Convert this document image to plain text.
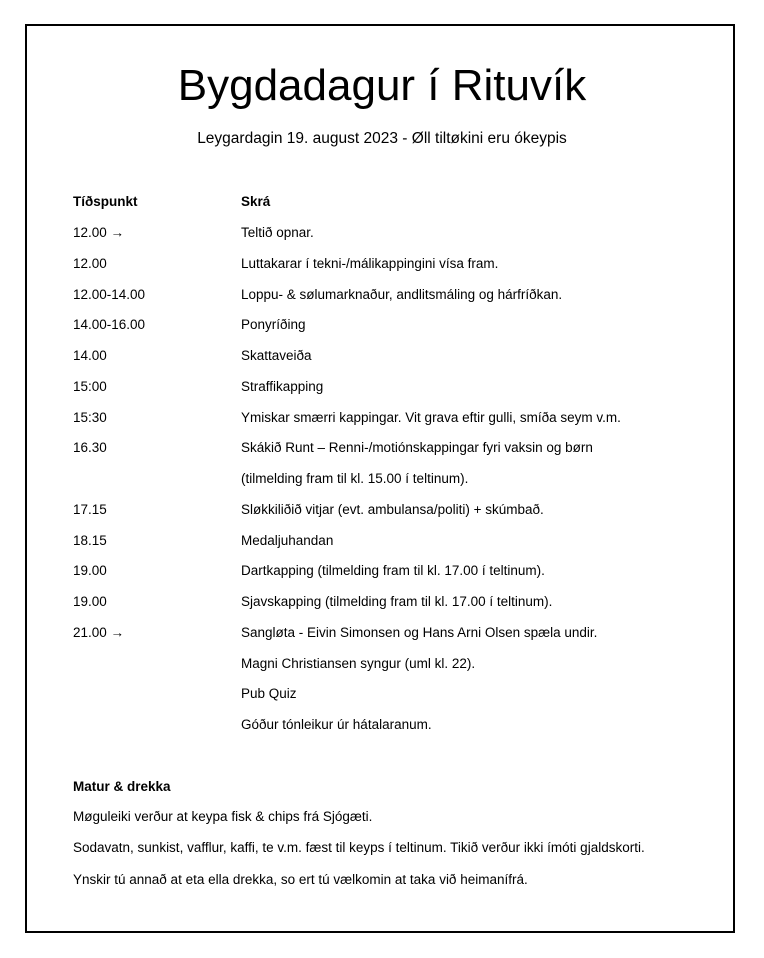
Bygdadagur í Rituvík
Leygardagin 19. august 2023 - Øll tiltøkini eru ókeypis
Tíðspunkt	Skrá
12.00 →	Teltið opnar.
12.00	Luttakarar í tekni-/málikappingini vísa fram.
12.00-14.00	Loppu- & sølumarknaður, andlitsmáling og hárfríðkan.
14.00-16.00	Ponyríðing
14.00	Skattaveiða
15:00	Straffikapping
15:30	Ymiskar smærri kappingar. Vit grava eftir gulli, smíða seym v.m.
16.30	Skákið Runt – Renni-/motiónskappingar fyri vaksin og børn
(tilmelding fram til kl. 15.00 í teltinum).
17.15	Sløkkiliðið vitjar (evt. ambulansa/politi) + skúmbað.
18.15	Medaljuhandan
19.00	Dartkapping (tilmelding fram til kl. 17.00 í teltinum).
19.00	Sjavskapping (tilmelding fram til kl. 17.00 í teltinum).
21.00 →	Sangløta - Eivin Simonsen og Hans Arni Olsen spæla undir.
Magni Christiansen syngur (uml kl. 22).
Pub Quiz
Góður tónleikur úr hátalaranum.
Matur & drekka
Møguleiki verður at keypa fisk & chips frá Sjógæti.
Sodavatn, sunkist, vafflur, kaffi, te v.m. fæst til keyps í teltinum. Tikið verður ikki ímóti gjaldskorti.
Ynskir tú annað at eta ella drekka, so ert tú vælkomin at taka við heimanífrá.
